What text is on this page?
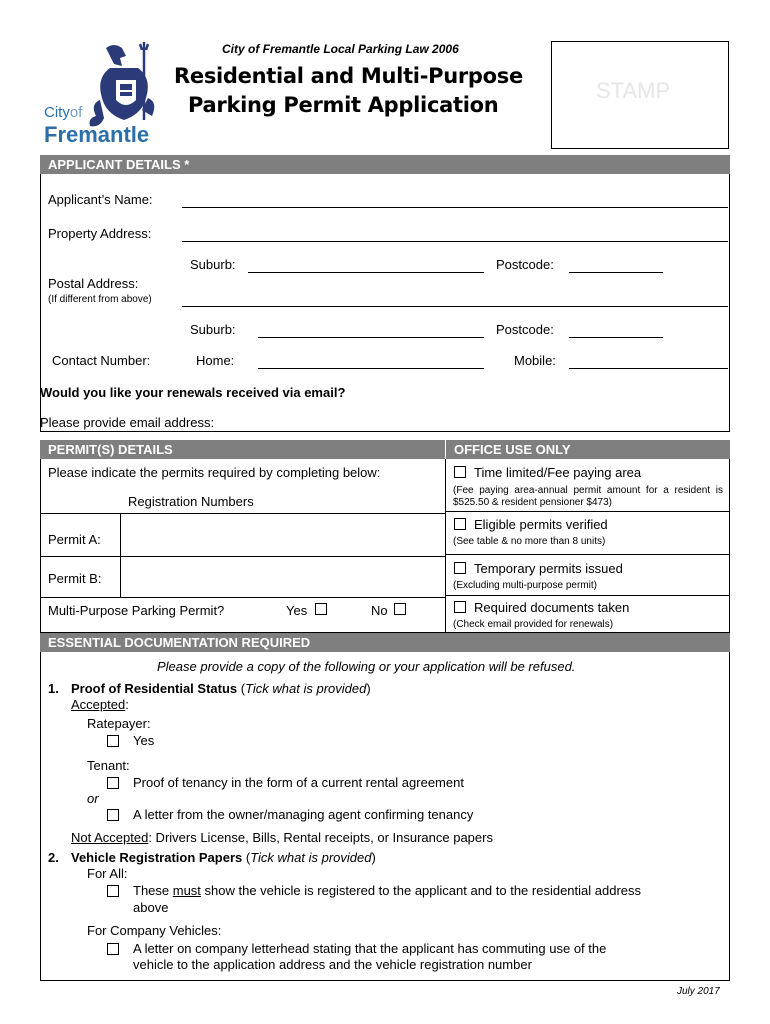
Cityof
Fremantle
City of Fremantle Local Parking Law 2006
Residential and Multi-Purpose
Parking Permit Application
STAMP
APPLICANT DETAILS *
Applicant’s Name:
Property Address:
Suburb:	Postcode:
Postal Address:
(If different from above)
Suburb:	Postcode:
Contact Number:	Home:	Mobile:
Would you like your renewals received via email?
Please provide email address:
PERMIT(S) DETAILS	OFFICE USE ONLY
Please indicate the permits required by completing below:
Registration Numbers
Permit A:
Permit B:
Multi-Purpose Parking Permit?	Yes	No
Time limited/Fee paying area
(Fee paying area-annual permit amount for a resident is $525.50 & resident pensioner $473)
Eligible permits verified
(See table & no more than 8 units)
Temporary permits issued
(Excluding multi-purpose permit)
Required documents taken
(Check email provided for renewals)
ESSENTIAL DOCUMENTATION REQUIRED
Please provide a copy of the following or your application will be refused.
1. Proof of Residential Status (Tick what is provided)
Accepted:
Ratepayer:
Yes
Tenant:
Proof of tenancy in the form of a current rental agreement
or
A letter from the owner/managing agent confirming tenancy
Not Accepted: Drivers License, Bills, Rental receipts, or Insurance papers
2. Vehicle Registration Papers (Tick what is provided)
For All:
These must show the vehicle is registered to the applicant and to the residential address
above
For Company Vehicles:
A letter on company letterhead stating that the applicant has commuting use of the
vehicle to the application address and the vehicle registration number
July 2017
